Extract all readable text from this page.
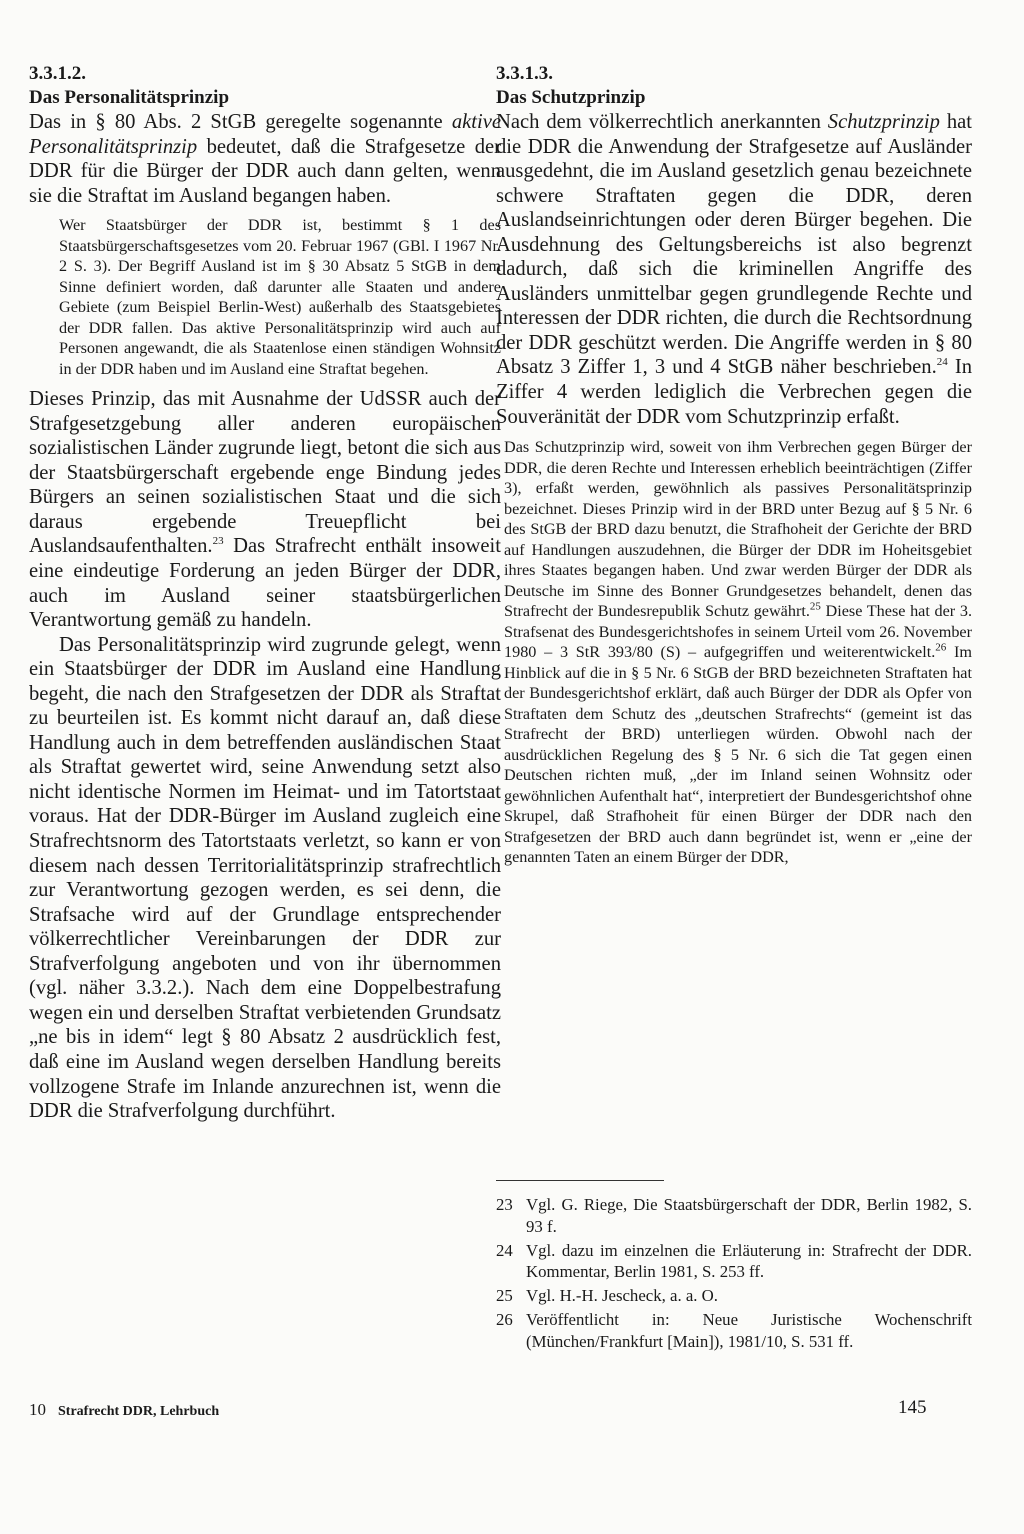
3.3.1.2.

Das Personalitätsprinzip

Das in § 80 Abs. 2 StGB geregelte sogenannte aktive Personalitätsprinzip bedeutet, daß die Strafgesetze der DDR für die Bürger der DDR auch dann gelten, wenn sie die Straftat im Ausland begangen haben.

Wer Staatsbürger der DDR ist, bestimmt § 1 des Staatsbürgerschaftsgesetzes vom 20. Februar 1967 (GBl. I 1967 Nr. 2 S. 3). Der Begriff Ausland ist im § 30 Absatz 5 StGB in dem Sinne definiert worden, daß darunter alle Staaten und andere Gebiete (zum Beispiel Berlin-West) außerhalb des Staatsgebietes der DDR fallen. Das aktive Personalitätsprinzip wird auch auf Personen angewandt, die als Staatenlose einen ständigen Wohnsitz in der DDR haben und im Ausland eine Straftat begehen.

Dieses Prinzip, das mit Ausnahme der UdSSR auch der Strafgesetzgebung aller anderen europäischen sozialistischen Länder zugrunde liegt, betont die sich aus der Staatsbürgerschaft ergebende enge Bindung jedes Bürgers an seinen sozialistischen Staat und die sich daraus ergebende Treuepflicht bei Auslandsaufenthalten.$^{23}$ Das Strafrecht enthält insoweit eine eindeutige Forderung an jeden Bürger der DDR, auch im Ausland seiner staatsbürgerlichen Verantwortung gemäß zu handeln.

Das Personalitätsprinzip wird zugrunde gelegt, wenn ein Staatsbürger der DDR im Ausland eine Handlung begeht, die nach den Strafgesetzen der DDR als Straftat zu beurteilen ist. Es kommt nicht darauf an, daß diese Handlung auch in dem betreffenden ausländischen Staat als Straftat gewertet wird, seine Anwendung setzt also nicht identische Normen im Heimat- und im Tatortstaat voraus. Hat der DDR-Bürger im Ausland zugleich eine Strafrechtsnorm des Tatortstaats verletzt, so kann er von diesem nach dessen Territorialitätsprinzip strafrechtlich zur Verantwortung gezogen werden, es sei denn, die Strafsache wird auf der Grundlage entsprechender völkerrechtlicher Vereinbarungen der DDR zur Strafverfolgung angeboten und von ihr übernommen (vgl. näher 3.3.2.). Nach dem eine Doppelbestrafung wegen ein und derselben Straftat verbietenden Grundsatz „ne bis in idem“ legt § 80 Absatz 2 ausdrücklich fest, daß eine im Ausland wegen derselben Handlung bereits vollzogene Strafe im Inlande anzurechnen ist, wenn die DDR die Strafverfolgung durchführt.

3.3.1.3.

Das Schutzprinzip

Nach dem völkerrechtlich anerkannten Schutzprinzip hat die DDR die Anwendung der Strafgesetze auf Ausländer ausgedehnt, die im Ausland gesetzlich genau bezeichnete schwere Straftaten gegen die DDR, deren Auslandseinrichtungen oder deren Bürger begehen. Die Ausdehnung des Geltungsbereichs ist also begrenzt dadurch, daß sich die kriminellen Angriffe des Ausländers unmittelbar gegen grundlegende Rechte und Interessen der DDR richten, die durch die Rechtsordnung der DDR geschützt werden. Die Angriffe werden in § 80 Absatz 3 Ziffer 1, 3 und 4 StGB näher beschrieben.$^{24}$ In Ziffer 4 werden lediglich die Verbrechen gegen die Souveränität der DDR vom Schutzprinzip erfaßt.

Das Schutzprinzip wird, soweit von ihm Verbrechen gegen Bürger der DDR, die deren Rechte und Interessen erheblich beeinträchtigen (Ziffer 3), erfaßt werden, gewöhnlich als passives Personalitätsprinzip bezeichnet. Dieses Prinzip wird in der BRD unter Bezug auf § 5 Nr. 6 des StGB der BRD dazu benutzt, die Strafhoheit der Gerichte der BRD auf Handlungen auszudehnen, die Bürger der DDR im Hoheitsgebiet ihres Staates begangen haben. Und zwar werden Bürger der DDR als Deutsche im Sinne des Bonner Grundgesetzes behandelt, denen das Strafrecht der Bundesrepublik Schutz gewährt.$^{25}$ Diese These hat der 3. Strafsenat des Bundesgerichtshofes in seinem Urteil vom 26. November 1980 – 3 StR 393/80 (S) – aufgegriffen und weiterentwickelt.$^{26}$ Im Hinblick auf die in § 5 Nr. 6 StGB der BRD bezeichneten Straftaten hat der Bundesgerichtshof erklärt, daß auch Bürger der DDR als Opfer von Straftaten dem Schutz des „deutschen Strafrechts“ (gemeint ist das Strafrecht der BRD) unterliegen würden. Obwohl nach der ausdrücklichen Regelung des § 5 Nr. 6 sich die Tat gegen einen Deutschen richten muß, „der im Inland seinen Wohnsitz oder gewöhnlichen Aufenthalt hat“, interpretiert der Bundesgerichtshof ohne Skrupel, daß Strafhoheit für einen Bürger der DDR nach den Strafgesetzen der BRD auch dann begründet ist, wenn er „eine der genannten Taten an einem Bürger der DDR,

23 Vgl. G. Riege, Die Staatsbürgerschaft der DDR, Berlin 1982, S. 93 f.
24 Vgl. dazu im einzelnen die Erläuterung in: Strafrecht der DDR. Kommentar, Berlin 1981, S. 253 ff.
25 Vgl. H.-H. Jescheck, a. a. O.
26 Veröffentlicht in: Neue Juristische Wochenschrift (München/Frankfurt [Main]), 1981/10, S. 531 ff.
10 Strafrecht DDR, Lehrbuch	145
